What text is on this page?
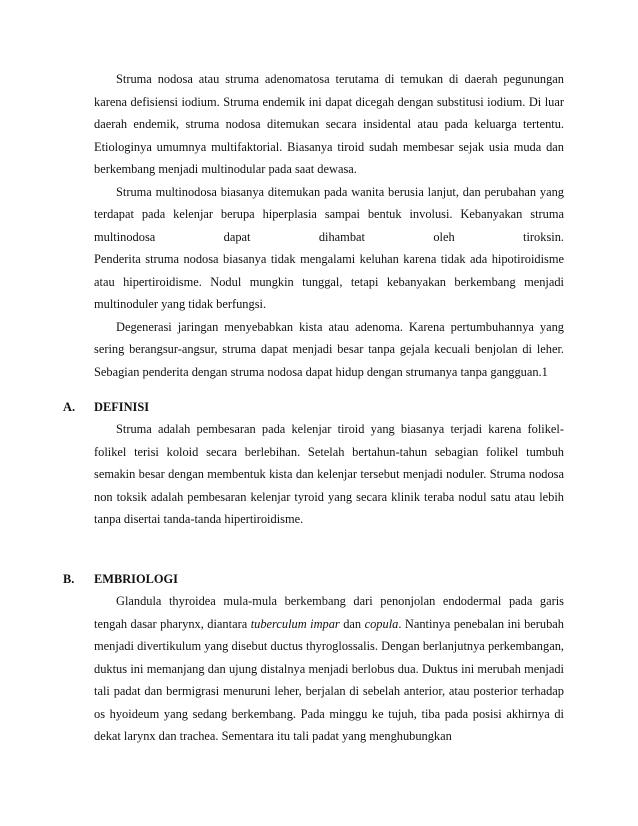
Struma nodosa atau struma adenomatosa terutama di temukan di daerah pegunungan karena defisiensi iodium. Struma endemik ini dapat dicegah dengan substitusi iodium. Di luar daerah endemik, struma nodosa ditemukan secara insidental atau pada keluarga tertentu. Etiologinya umumnya multifaktorial. Biasanya tiroid sudah membesar sejak usia muda dan berkembang menjadi multinodular pada saat dewasa.

Struma multinodosa biasanya ditemukan pada wanita berusia lanjut, dan perubahan yang terdapat pada kelenjar berupa hiperplasia sampai bentuk involusi. Kebanyakan struma multinodosa dapat dihambat oleh tiroksin.

Penderita struma nodosa biasanya tidak mengalami keluhan karena tidak ada hipotiroidisme atau hipertiroidisme. Nodul mungkin tunggal, tetapi kebanyakan berkembang menjadi multinoduler yang tidak berfungsi.

Degenerasi jaringan menyebabkan kista atau adenoma. Karena pertumbuhannya yang sering berangsur-angsur, struma dapat menjadi besar tanpa gejala kecuali benjolan di leher. Sebagian penderita dengan struma nodosa dapat hidup dengan strumanya tanpa gangguan.1

A. DEFINISI

Struma adalah pembesaran pada kelenjar tiroid yang biasanya terjadi karena folikel-folikel terisi koloid secara berlebihan. Setelah bertahun-tahun sebagian folikel tumbuh semakin besar dengan membentuk kista dan kelenjar tersebut menjadi noduler. Struma nodosa non toksik adalah pembesaran kelenjar tyroid yang secara klinik teraba nodul satu atau lebih tanpa disertai tanda-tanda hipertiroidisme.

B. EMBRIOLOGI

Glandula thyroidea mula-mula berkembang dari penonjolan endodermal pada garis tengah dasar pharynx, diantara tuberculum impar dan copula. Nantinya penebalan ini berubah menjadi divertikulum yang disebut ductus thyroglossalis. Dengan berlanjutnya perkembangan, duktus ini memanjang dan ujung distalnya menjadi berlobus dua. Duktus ini merubah menjadi tali padat dan bermigrasi menuruni leher, berjalan di sebelah anterior, atau posterior terhadap os hyoideum yang sedang berkembang. Pada minggu ke tujuh, tiba pada posisi akhirnya di dekat larynx dan trachea. Sementara itu tali padat yang menghubungkan
